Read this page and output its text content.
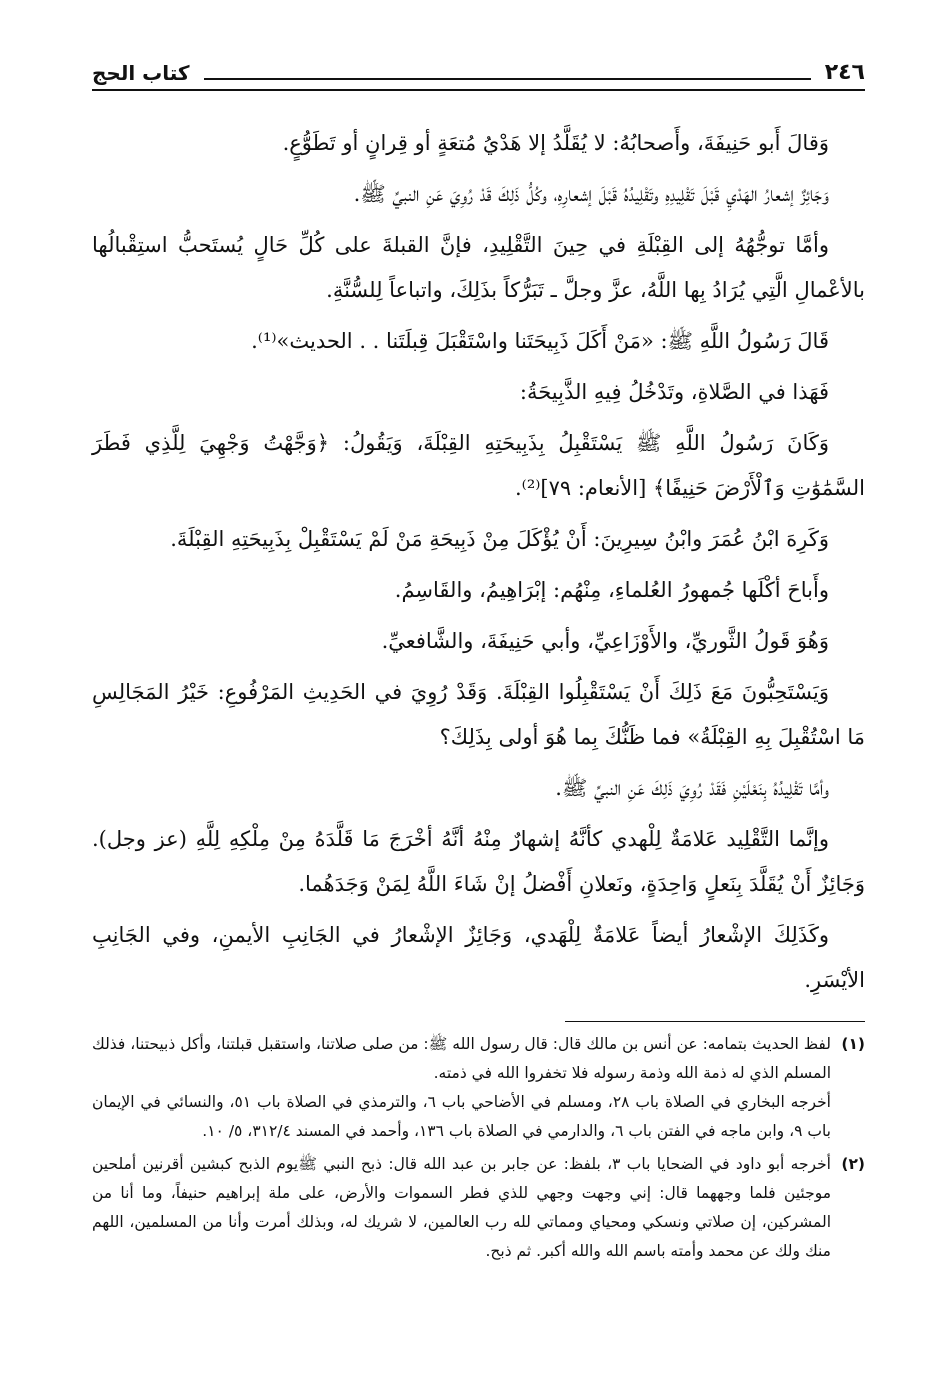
٢٤٦
كتاب الحج

وَقالَ أَبو حَنِيفَةَ، وأَصحابُهُ: لا يُقَلَّدُ إلا هَدْيُ مُتعَةٍ أو قِرانٍ أو تَطَوُّعٍ.

وَجَائِزٌ إشعارُ الهَدْيِ قَبْلَ تَقْلِيدِهِ وتَقْلِيدُهُ قَبْلَ إشعارِهِ، وكُلُّ ذَلِكَ قَدْ رُوِيَ عَنِ النبيِّ ﷺ.

وأمَّا توجُّهُهُ إلى القِبْلَةِ في حِينَ التَّقْلِيدِ، فإنَّ القبلةَ على كُلِّ حَالٍ يُستَحبُّ استِقْبالُها بالأعْمالِ الَّتِي يُرَادُ بِها اللَّهُ، عزَّ وجلَّ ـ تَبَرُّكاً بذَلِكَ، واتباعاً لِلسُّنَّةِ.

قَالَ رَسُولُ اللَّهِ ﷺ: «مَنْ أَكَلَ ذَبِيحَتَنا واسْتَقْبَلَ قِبلَتَنا . . الحديث»⁽¹⁾.

فَهَذا في الصَّلاةِ، وتَدْخُلُ فِيهِ الذَّبِيحَةُ:

وَكَانَ رَسُولُ اللَّهِ ﷺ يَسْتَقْبِلُ بِذَبِيحَتِهِ القِبْلَةَ، وَيَقُولُ: ﴿وَجَّهْتُ وَجْهِيَ لِلَّذِي فَطَرَ السَّمَٰوَٰتِ وَٱلْأَرْضَ حَنِيفًا﴾ [الأنعام: ٧٩]⁽²⁾.

وَكَرِهَ ابْنُ عُمَرَ وابْنُ سِيرِينَ: أَنْ يُؤْكَلَ مِنْ ذَبِيحَةِ مَنْ لَمْ يَسْتَقْبِلْ بِذَبِيحَتِهِ القِبْلَةَ.

وأَباحَ أكْلَها جُمهورُ العُلماءِ، مِنْهُم: إبْرَاهِيمُ، والقَاسِمُ.

وَهُوَ قَولُ الثَّوريِّ، والأَوْزَاعِيِّ، وأبي حَنِيفَةَ، والشَّافعيِّ.

وَيَسْتَحِبُّونَ مَعَ ذَلِكَ أَنْ يَسْتَقْبِلُوا القِبْلَةَ. وَقَدْ رُوِيَ في الحَدِيثِ المَرْفُوعِ: خَيْرُ المَجَالِسِ مَا اسْتُقْبِلَ بِهِ القِبْلَةُ» فما ظَنُّكَ بِما هُوَ أولى بِذَلِكَ؟

وأمَّا تَقْلِيدُهُ بِنَعْلَيْنِ فَقَدْ رُوِيَ ذَلِكَ عَنِ النبيِّ ﷺ.

وإنَّما التَّقْلِيد عَلامَةٌ لِلْهدي كأنَّهُ إشهارٌ مِنْهُ أنَّهُ أخْرَجَ مَا قَلَّدَهُ مِنْ مِلْكِهِ لِلَّهِ (عز وجل). وَجَائِزٌ أَنْ يُقَلَّدَ بِنَعلٍ وَاحِدَةٍ، ونَعلانِ أَفْضلُ إنْ شَاءَ اللَّهُ لِمَنْ وَجَدَهُما.

وكَذَلِكَ الإشْعارُ أيضاً عَلامَةٌ لِلْهَدي، وَجَائِزٌ الإشْعارُ في الجَانِبِ الأيمنِ، وفي الجَانِبِ الأيْسَرِ.

(١)

لفظ الحديث بتمامه: عن أنس بن مالك قال: قال رسول الله ﷺ: من صلى صلاتنا، واستقبل قبلتنا، وأكل ذبيحتنا، فذلك المسلم الذي له ذمة الله وذمة رسوله فلا تخفروا الله في ذمته.

أخرجه البخاري في الصلاة باب ٢٨، ومسلم في الأضاحي باب ٦، والترمذي في الصلاة باب ٥١، والنسائي في الإيمان باب ٩، وابن ماجه في الفتن باب ٦، والدارمي في الصلاة باب ١٣٦، وأحمد في المسند ٣١٢/٤، ٥/ ١٠.

(٢)

أخرجه أبو داود في الضحايا باب ٣، بلفظ: عن جابر بن عبد الله قال: ذبح النبي ﷺيوم الذبح كبشين أقرنين أملحين موجئين فلما وجههما قال: إني وجهت وجهي للذي فطر السموات والأرض، على ملة إبراهيم حنيفاً، وما أنا من المشركين، إن صلاتي ونسكي ومحياي ومماتي لله رب العالمين، لا شريك له، وبذلك أمرت وأنا من المسلمين، اللهم منك ولك عن محمد وأمته باسم الله والله أكبر. ثم ذبح.
